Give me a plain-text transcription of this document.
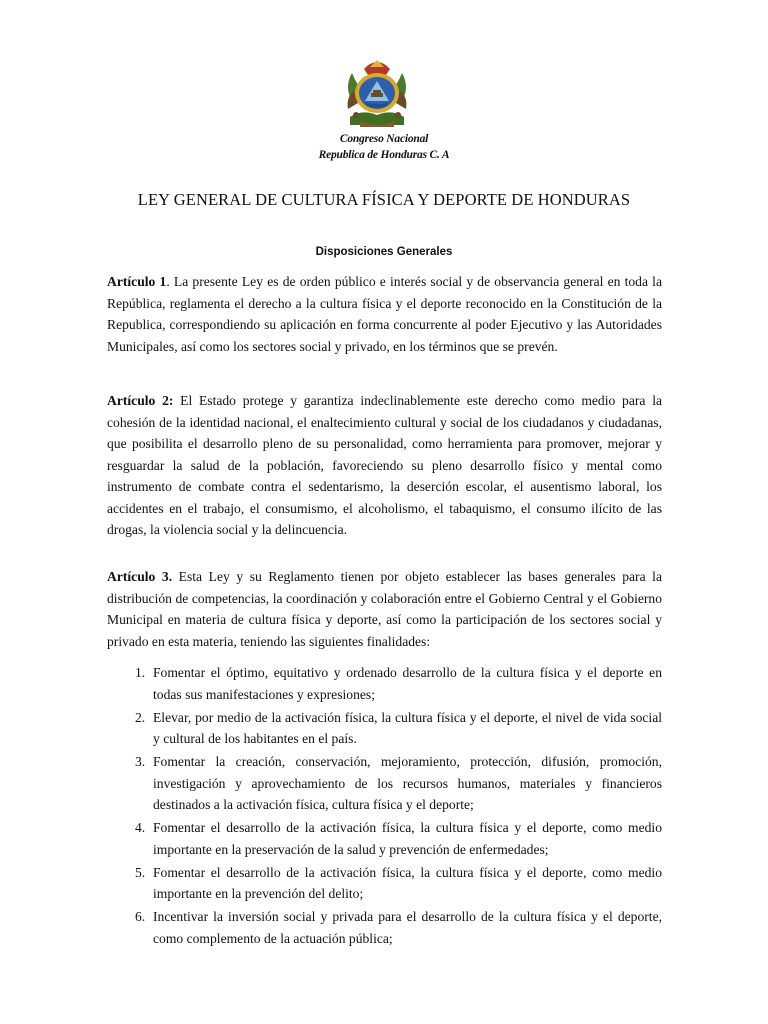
Congreso Nacional
Republica de Honduras C. A
LEY GENERAL DE CULTURA FÍSICA Y DEPORTE DE HONDURAS
Disposiciones Generales
Artículo 1. La presente Ley es de orden público e interés social y de observancia general en toda la República, reglamenta el derecho a la cultura física y el deporte reconocido en la Constitución de la Republica, correspondiendo su aplicación en forma concurrente al poder Ejecutivo y las Autoridades Municipales, así como los sectores social y privado, en los términos que se prevén.
Artículo 2: El Estado protege y garantiza indeclinablemente este derecho como medio para la cohesión de la identidad nacional, el enaltecimiento cultural y social de los ciudadanos y ciudadanas, que posibilita el desarrollo pleno de su personalidad, como herramienta para promover, mejorar y resguardar la salud de la población, favoreciendo su pleno desarrollo físico y mental como instrumento de combate contra el sedentarismo, la deserción escolar, el ausentismo laboral, los accidentes en el trabajo, el consumismo, el alcoholismo, el tabaquismo, el consumo ilícito de las drogas, la violencia social y la delincuencia.
Artículo 3. Esta Ley y su Reglamento tienen por objeto establecer las bases generales para la distribución de competencias, la coordinación y colaboración entre el Gobierno Central y el Gobierno Municipal en materia de cultura física y deporte, así como la participación de los sectores social y privado en esta materia, teniendo las siguientes finalidades:
1. Fomentar el óptimo, equitativo y ordenado desarrollo de la cultura física y el deporte en todas sus manifestaciones y expresiones;
2. Elevar, por medio de la activación física, la cultura física y el deporte, el nivel de vida social y cultural de los habitantes en el país.
3. Fomentar la creación, conservación, mejoramiento, protección, difusión, promoción, investigación y aprovechamiento de los recursos humanos, materiales y financieros destinados a la activación física, cultura física y el deporte;
4. Fomentar el desarrollo de la activación física, la cultura física y el deporte, como medio importante en la preservación de la salud y prevención de enfermedades;
5. Fomentar el desarrollo de la activación física, la cultura física y el deporte, como medio importante en la prevención del delito;
6. Incentivar la inversión social y privada para el desarrollo de la cultura física y el deporte, como complemento de la actuación pública;
